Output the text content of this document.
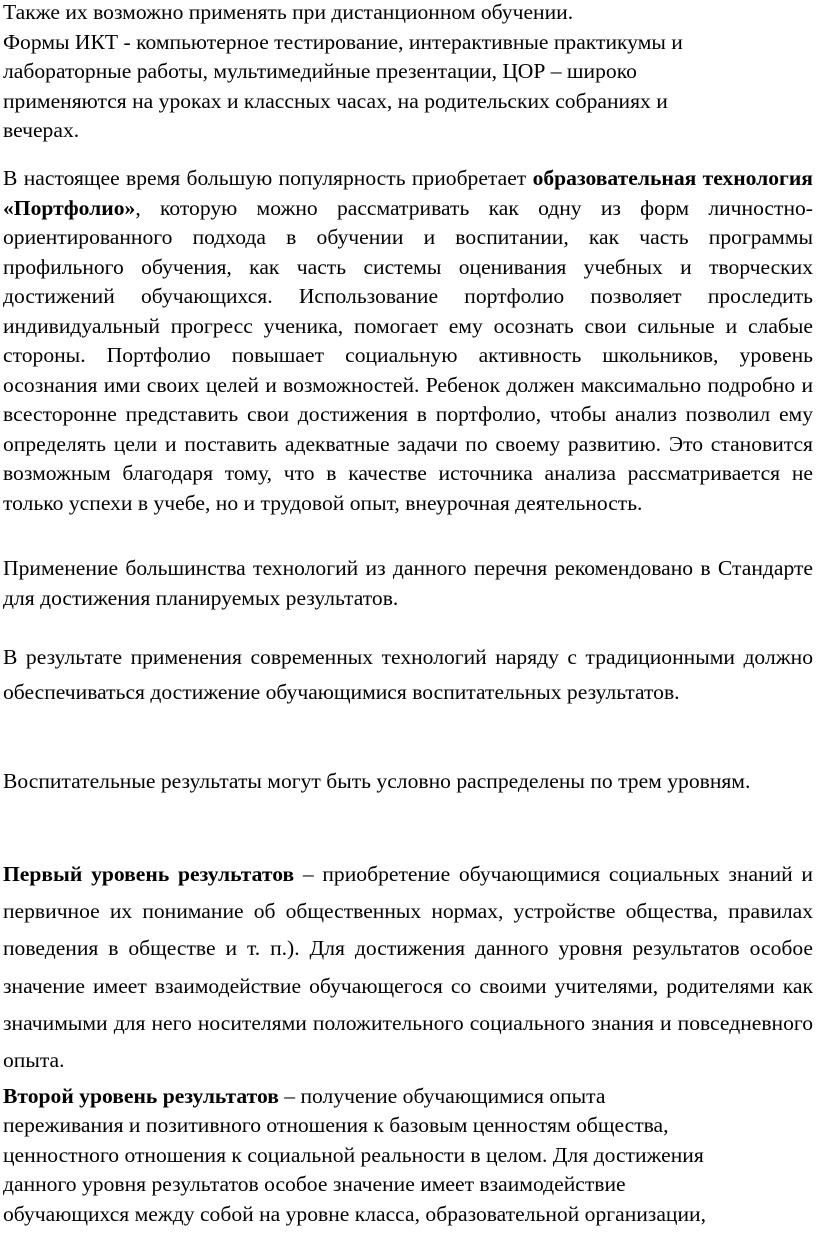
Также их возможно применять при дистанционном обучении.
Формы ИКТ - компьютерное тестирование, интерактивные практикумы и
лабораторные работы, мультимедийные презентации, ЦОР – широко
применяются на уроках и классных часах, на родительских собраниях и
вечерах.

В настоящее время большую популярность приобретает образовательная технология «Портфолио», которую можно рассматривать как одну из форм личностно-ориентированного подхода в обучении и воспитании, как часть программы профильного обучения, как часть системы оценивания учебных и творческих достижений обучающихся. Использование портфолио позволяет проследить индивидуальный прогресс ученика, помогает ему осознать свои сильные и слабые стороны. Портфолио повышает социальную активность школьников, уровень осознания ими своих целей и возможностей. Ребенок должен максимально подробно и всесторонне представить свои достижения в портфолио, чтобы анализ позволил ему определять цели и поставить адекватные задачи по своему развитию. Это становится возможным благодаря тому, что в качестве источника анализа рассматривается не только успехи в учебе, но и трудовой опыт, внеурочная деятельность.

Применение большинства технологий из данного перечня рекомендовано в Стандарте для достижения планируемых результатов.

В результате применения современных технологий наряду с традиционными должно обеспечиваться достижение обучающимися воспитательных результатов.

Воспитательные результаты могут быть условно распределены по трем уровням.

Первый уровень результатов – приобретение обучающимися социальных знаний и первичное их понимание об общественных нормах, устройстве общества, правилах поведения в обществе и т. п.). Для достижения данного уровня результатов особое значение имеет взаимодействие обучающегося со своими учителями, родителями как значимыми для него носителями положительного социального знания и повседневного опыта.

Второй уровень результатов – получение обучающимися опыта
переживания и позитивного отношения к базовым ценностям общества,
ценностного отношения к социальной реальности в целом. Для достижения
данного уровня результатов особое значение имеет взаимодействие
обучающихся между собой на уровне класса, образовательной организации,
